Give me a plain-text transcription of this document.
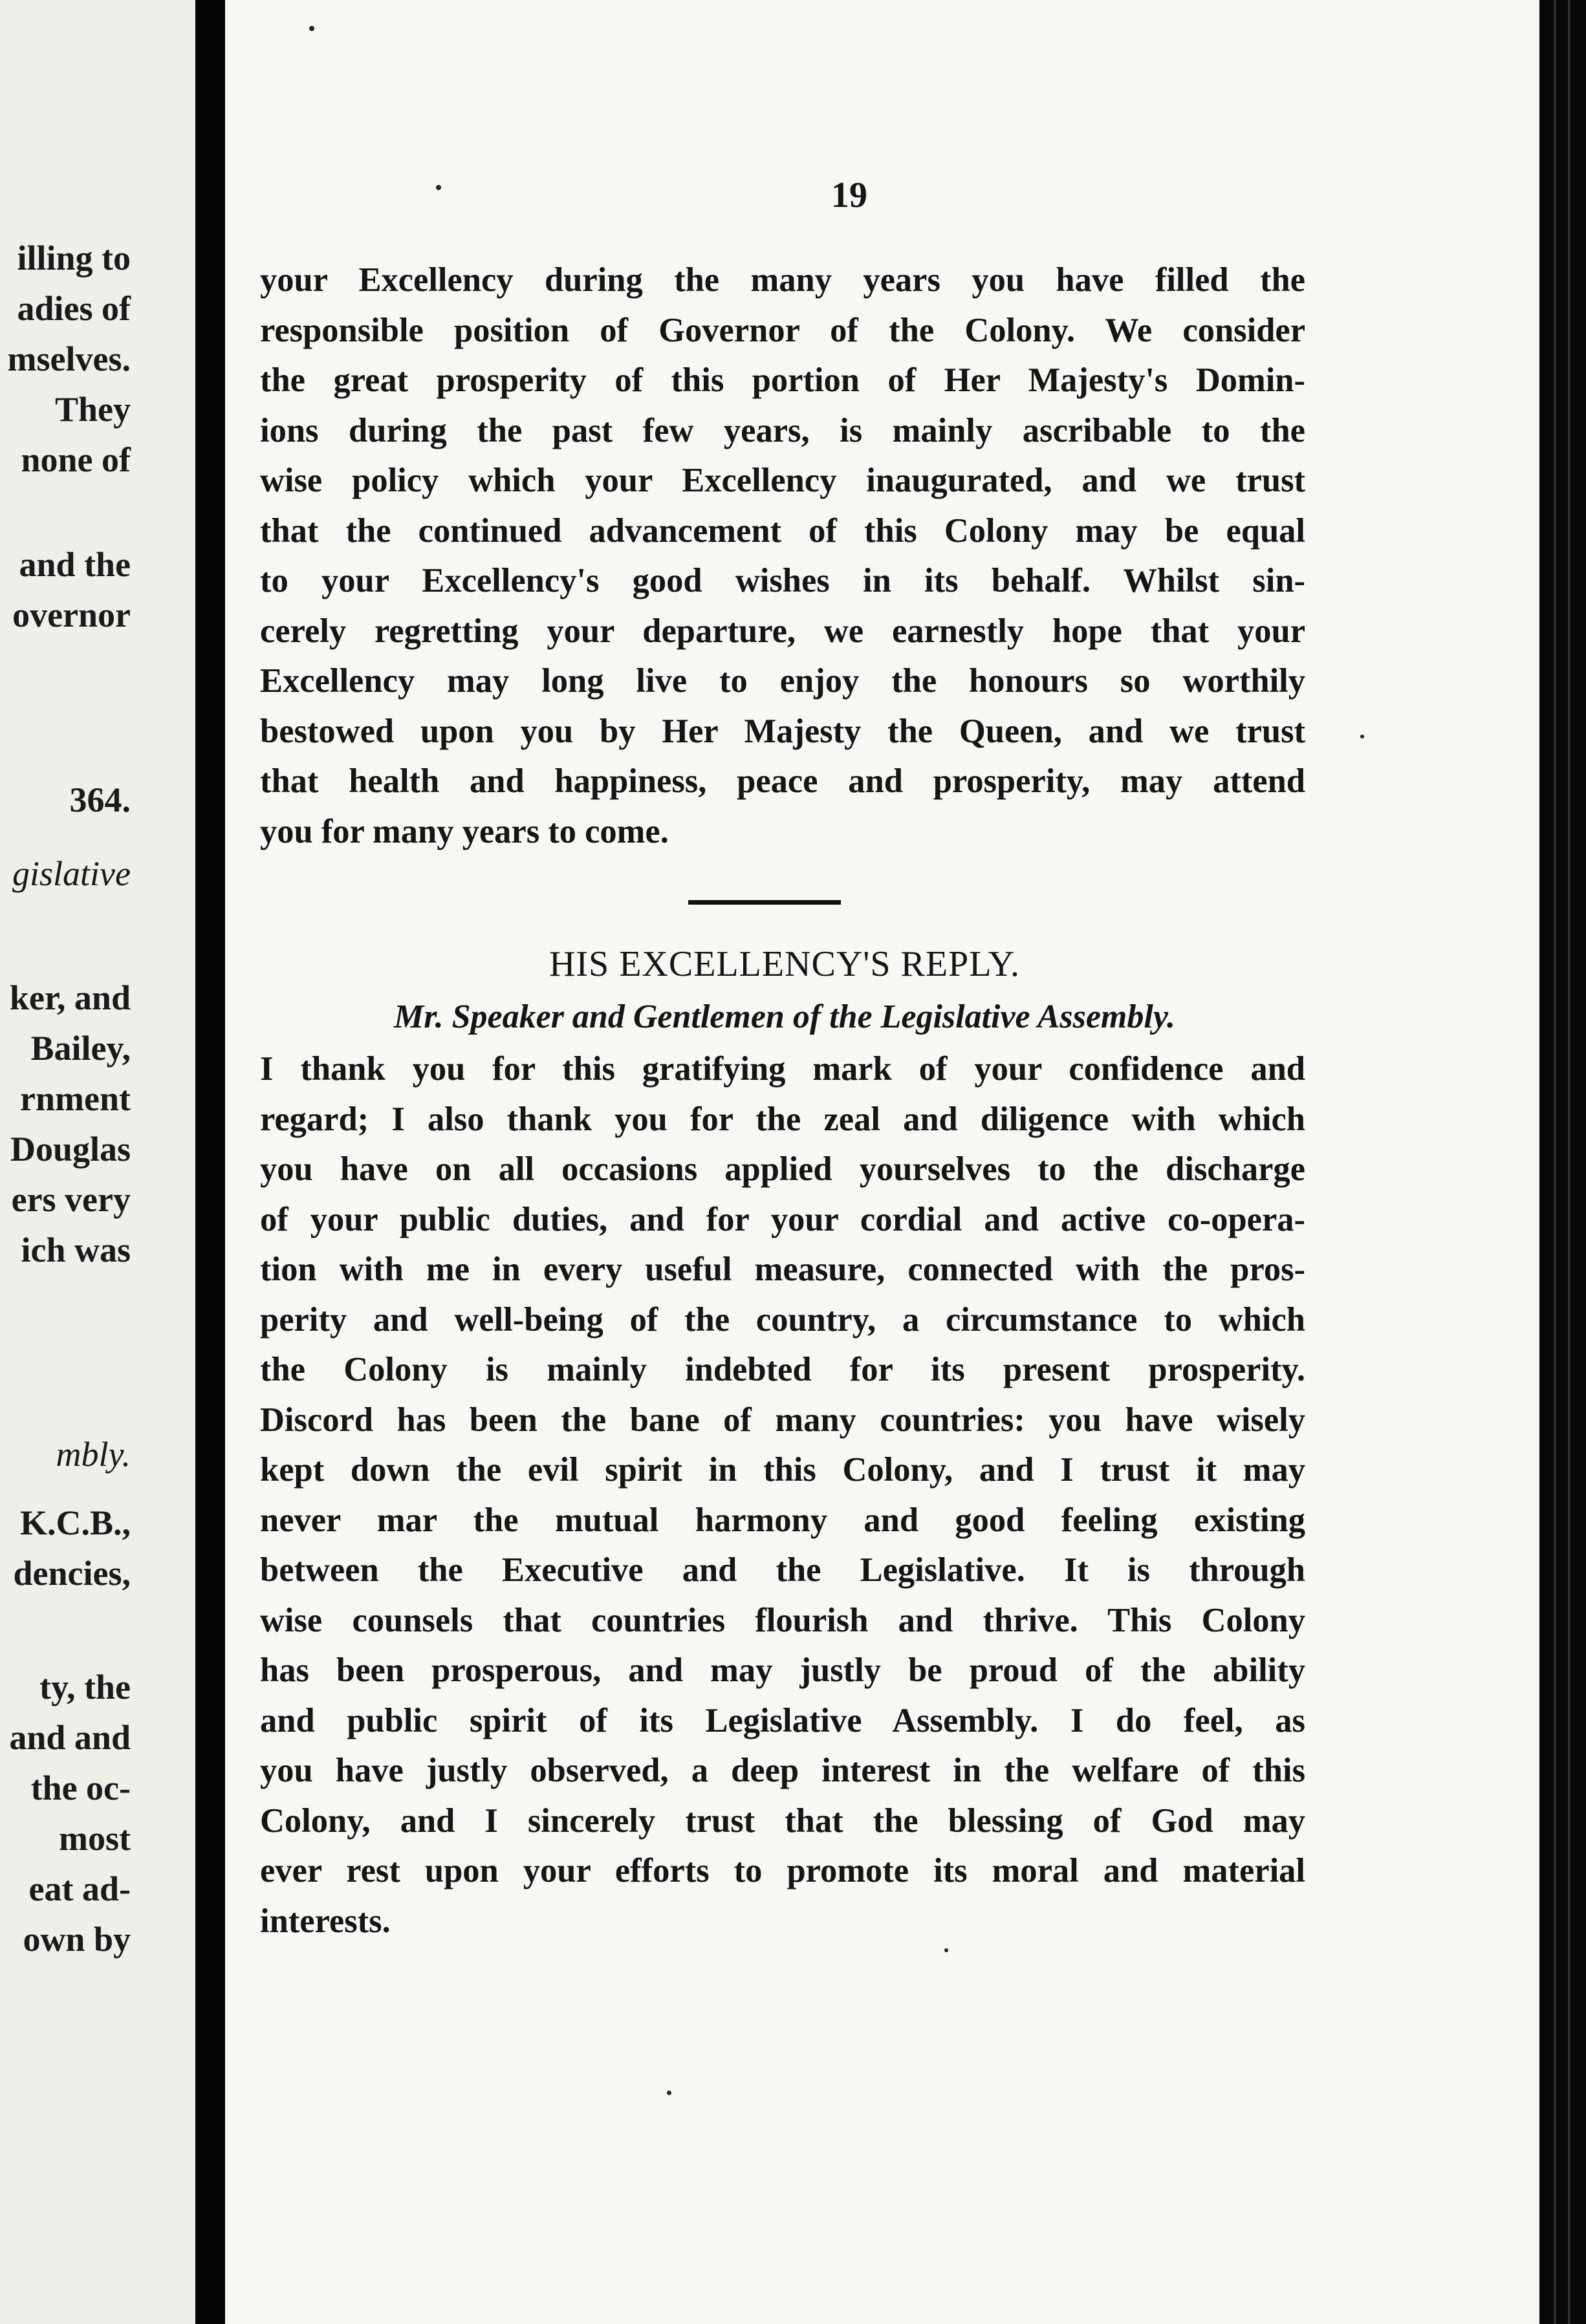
illing to
adies of
mselves.
They
none of
and the
overnor
364.
gislative
ker, and
Bailey,
rnment
Douglas
ers very
ich was
mbly.
K.C.B.,
dencies,
ty, the
and and
the oc-
most
eat ad-
own by
19
your Excellency during the many years you have filled the
responsible position of Governor of the Colony. We consider
the great prosperity of this portion of Her Majesty's Domin-
ions during the past few years, is mainly ascribable to the
wise policy which your Excellency inaugurated, and we trust
that the continued advancement of this Colony may be equal
to your Excellency's good wishes in its behalf. Whilst sin-
cerely regretting your departure, we earnestly hope that your
Excellency may long live to enjoy the honours so worthily
bestowed upon you by Her Majesty the Queen, and we trust
that health and happiness, peace and prosperity, may attend
you for many years to come.
HIS EXCELLENCY'S REPLY.
Mr. Speaker and Gentlemen of the Legislative Assembly.
I thank you for this gratifying mark of your confidence and
regard; I also thank you for the zeal and diligence with which
you have on all occasions applied yourselves to the discharge
of your public duties, and for your cordial and active co-opera-
tion with me in every useful measure, connected with the pros-
perity and well-being of the country, a circumstance to which
the Colony is mainly indebted for its present prosperity.
Discord has been the bane of many countries: you have wisely
kept down the evil spirit in this Colony, and I trust it may
never mar the mutual harmony and good feeling existing
between the Executive and the Legislative. It is through
wise counsels that countries flourish and thrive. This Colony
has been prosperous, and may justly be proud of the ability
and public spirit of its Legislative Assembly. I do feel, as
you have justly observed, a deep interest in the welfare of this
Colony, and I sincerely trust that the blessing of God may
ever rest upon your efforts to promote its moral and material
interests.
